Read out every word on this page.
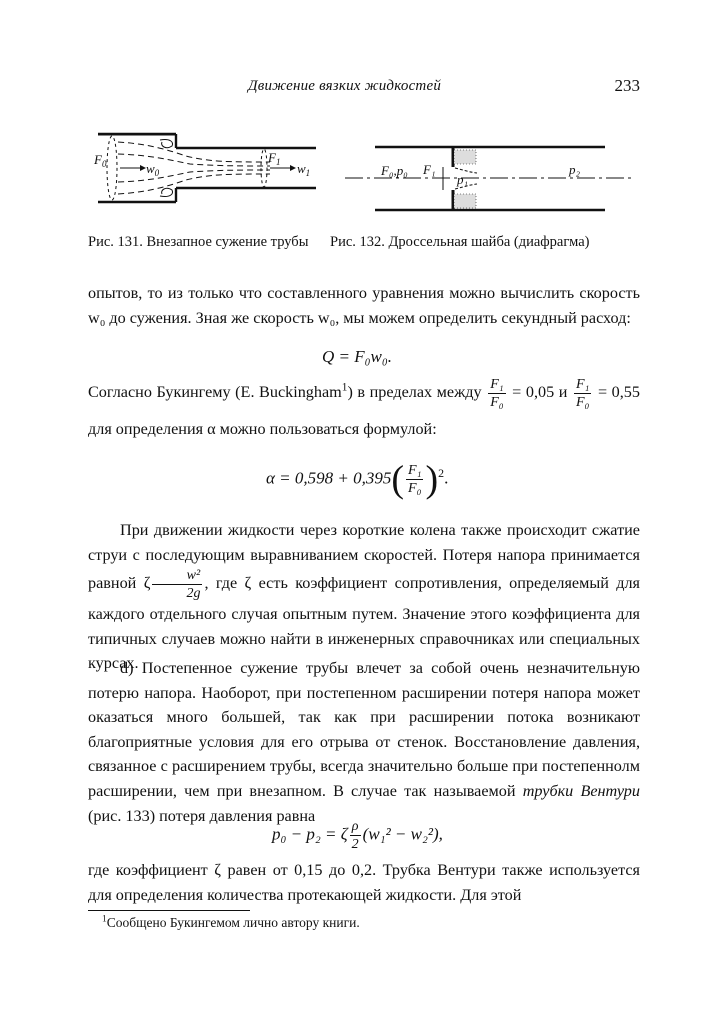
Движение вязких жидкостей	233
$F_0$	$w_0$
$F_1$ $w_1$	F₀,p₀ F₁
p₁
p₂
Рис. 131. Внезапное сужение трубы	Рис. 132. Дроссельная шайба (диафрагма)

опытов, то из только что составленного уравнения можно вычислить скорость w₀ до сужения. Зная же скорость w₀, мы можем определить секундный расход:

Q = F₀w₀.

Согласно Букингему (E. Buckingham$^1$) в пределах между $\frac{\text{F₁}}{\text{F₀}} = 0,05$ и $\frac{\text{F₁}}{\text{F₀}} = 0,55$ для определения α можно пользоваться формулой:

$\alpha = 0,598 + 0,395( \frac{\text{F₁}}{\text{F₀}} )^2$.

При движении жидкости через короткие колена также происходит сжатие струи с последующим выравниванием скоростей. Потеря напора принимается равной ζ $\frac{\text{w²}}{2g}$ , где ζ есть коэффициент сопротивления, определяемый для каждого отдельного случая опытным путем. Значение этого коэффициента для типичных случаев можно найти в инженерных справочниках или специальных курсах.

d) Постепенное сужение трубы влечет за собой очень незначительную потерю напора. Наоборот, при постепенном расширении потеря напора может оказаться много большей, так как при расширении потока возникают благоприятные условия для его отрыва от стенок. Восстановление давления, связанное с расширением трубы, всегда значительно больше при постепеннолм расширении, чем при внезапном. В случае так называемой трубки Вентури (рис. 133) потеря давления равна

p₀ − p₂ = ζ $\frac{\rho}{2} (w_1^2 - w_2^2)$,

где коэффициент ζ равен от 0,15 до 0,2. Трубка Вентури также используется для определения количества протекающей жидкости. Для этой

$^1$Сообщено Букингемом лично автору книги.
